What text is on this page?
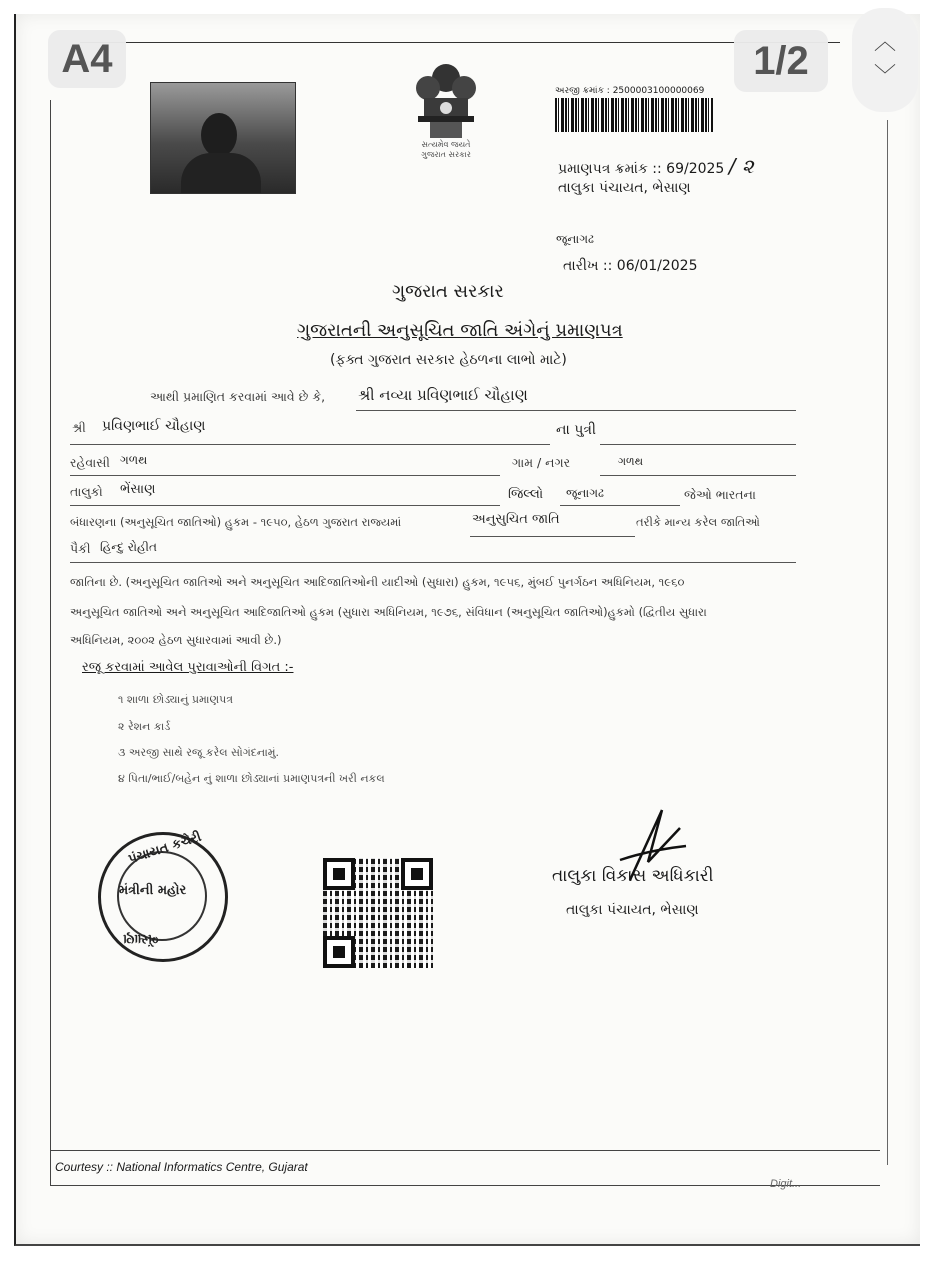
A4	1/2	︿
﹀
સત્યમેવ જયતે
ગુજરાત સરકાર
અરજી ક્રમાંક : 2500003100000069
પ્રમાણપત્ર ક્રમાંક :: 69/2025 / ૨
તાલુકા પંચાયત, ભેસાણ
જૂનાગઢ
તારીખ :: 06/01/2025
ગુજરાત સરકાર
ગુજરાતની અનુસૂચિત જાતિ અંગેનું પ્રમાણપત્ર
(ફક્ત ગુજરાત સરકાર હેઠળના લાભો માટે)
આથી પ્રમાણિત કરવામાં આવે છે કે, શ્રી નવ્યા પ્રવિણભાઈ ચૌહાણ
શ્રી પ્રવિણભાઈ ચૌહાણ	ના પુત્રી
રહેવાસી ગળથ	ગામ / નગર	ગળથ
તાલુકો ભેંસાણ	જિલ્લો જૂનાગઢ	જેઓ ભારતના
બંધારણના (અનુસૂચિત જાતિઓ) હુકમ - ૧૯૫૦, હેઠળ ગુજરાત રાજ્યમાં	અનુસુચિત જાતિ	તરીકે માન્ય કરેલ જાતિઓ
પૈકી હિન્દુ રોહીત
જાતિના છે. (અનુસૂચિત જાતિઓ અને અનુસૂચિત આદિજાતિઓની યાદીઓ (સુધારા) હુકમ, ૧૯૫૬, મુંબઈ પુનર્ગઠન અધિનિયમ, ૧૯૬૦
અનુસૂચિત જાતિઓ અને અનુસૂચિત આદિજાતિઓ હુકમ (સુધારા અધિનિયમ, ૧૯૭૬, સંવિધાન (અનુસૂચિત જાતિઓ)હુકમો (દ્વિતીય સુધારા
અધિનિયમ, ૨૦૦૨ હેઠળ સુધારવામાં આવી છે.)
રજૂ કરવામાં આવેલ પુરાવાઓની વિગત :-
૧ શાળા છોડ્યાનું પ્રમાણપત્ર
૨ રેશન કાર્ડ
૩ અરજી સાથે રજૂ કરેલ સોગંદનામું.
૪ પિતા/ભાઈ/બહેન નું શાળા છોડ્યાનાં પ્રમાણપત્રની ખરી નકલ
પંચાયત કચેરી
મંત્રીની મહોર
ભેંસાણ
તાલુકા વિકાસ અધિકારી
તાલુકા પંચાયત, ભેસાણ
Courtesy :: National Informatics Centre, Gujarat
Digit...
